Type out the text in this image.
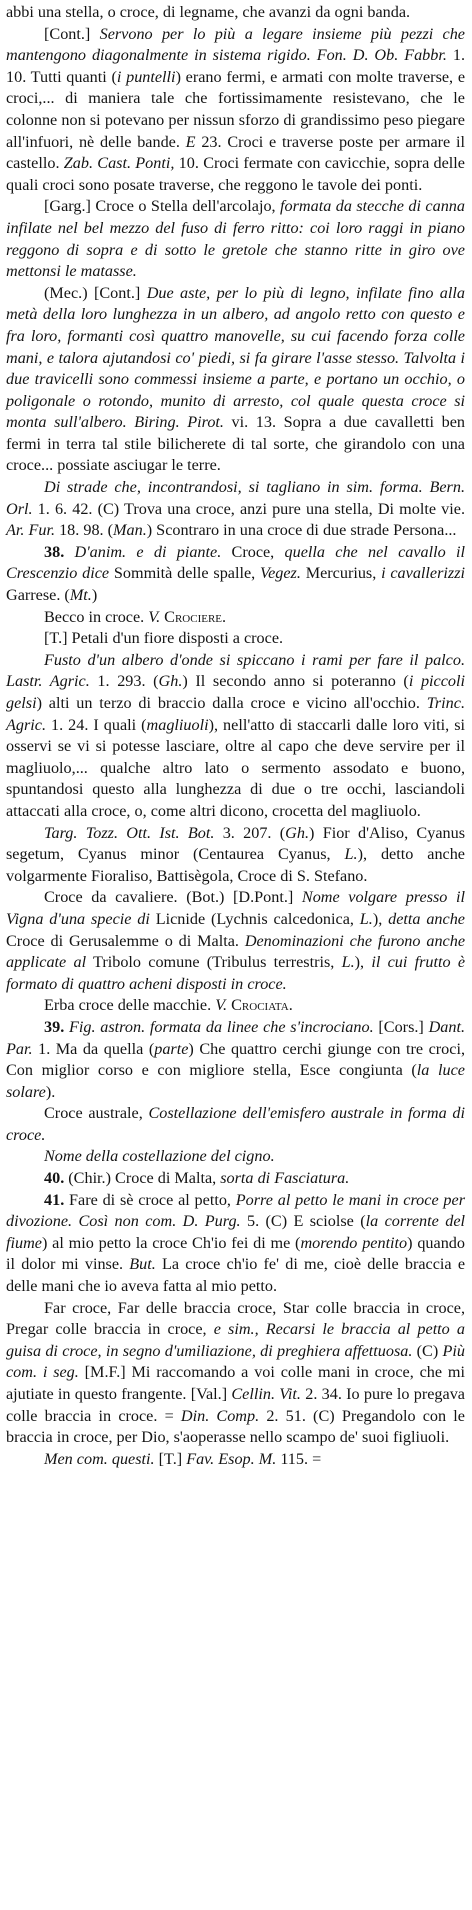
abbi una stella, o croce, di legname, che avanzi da ogni banda.

[Cont.] Servono per lo più a legare insieme più pezzi che mantengono diagonalmente in sistema rigido. Fon. D. Ob. Fabbr. 1. 10. Tutti quanti (i puntelli) erano fermi, e armati con molte traverse, e croci,... di maniera tale che fortissimamente resistevano, che le colonne non si potevano per nissun sforzo di grandissimo peso piegare all'infuori, nè delle bande. E 23. Croci e traverse poste per armare il castello. Zab. Cast. Ponti, 10. Croci fermate con cavicchie, sopra delle quali croci sono posate traverse, che reggono le tavole dei ponti.

[Garg.] Croce o Stella dell'arcolajo, formata da stecche di canna infilate nel bel mezzo del fuso di ferro ritto: coi loro raggi in piano reggono di sopra e di sotto le gretole che stanno ritte in giro ove mettonsi le matasse.

(Mec.) [Cont.] Due aste, per lo più di legno, infilate fino alla metà della loro lunghezza in un albero, ad angolo retto con questo e fra loro, formanti così quattro manovelle, su cui facendo forza colle mani, e talora ajutandosi co' piedi, si fa girare l'asse stesso. Talvolta i due travicelli sono commessi insieme a parte, e portano un occhio, o poligonale o rotondo, munito di arresto, col quale questa croce si monta sull'albero. Biring. Pirot. vi. 13. Sopra a due cavalletti ben fermi in terra tal stile bilicherete di tal sorte, che girandolo con una croce... possiate asciugar le terre.

Di strade che, incontrandosi, si tagliano in sim. forma. Bern. Orl. 1. 6. 42. (C) Trova una croce, anzi pure una stella, Di molte vie. Ar. Fur. 18. 98. (Man.) Scontraro in una croce di due strade Persona...

38. D'anim. e di piante. Croce, quella che nel cavallo il Crescenzio dice Sommità delle spalle, Vegez. Mercurius, i cavallerizzi Garrese. (Mt.)

Becco in croce. V. Crociere.

[T.] Petali d'un fiore disposti a croce.

Fusto d'un albero d'onde si spiccano i rami per fare il palco. Lastr. Agric. 1. 293. (Gh.) Il secondo anno si poteranno (i piccoli gelsi) alti un terzo di braccio dalla croce e vicino all'occhio. Trinc. Agric. 1. 24. I quali (magliuoli), nell'atto di staccarli dalle loro viti, si osservi se vi si potesse lasciare, oltre al capo che deve servire per il magliuolo,... qualche altro lato o sermento assodato e buono, spuntandosi questo alla lunghezza di due o tre occhi, lasciandoli attaccati alla croce, o, come altri dicono, crocetta del magliuolo.

Targ. Tozz. Ott. Ist. Bot. 3. 207. (Gh.) Fior d'Aliso, Cyanus segetum, Cyanus minor (Centaurea Cyanus, L.), detto anche volgarmente Fioraliso, Battisègola, Croce di S. Stefano.

Croce da cavaliere. (Bot.) [D.Pont.] Nome volgare presso il Vigna d'una specie di Licnide (Lychnis calcedonica, L.), detta anche Croce di Gerusalemme o di Malta. Denominazioni che furono anche applicate al Tribolo comune (Tribulus terrestris, L.), il cui frutto è formato di quattro acheni disposti in croce.

Erba croce delle macchie. V. Crociata.

39. Fig. astron. formata da linee che s'incrociano. [Cors.] Dant. Par. 1. Ma da quella (parte) Che quattro cerchi giunge con tre croci, Con miglior corso e con migliore stella, Esce congiunta (la luce solare).

Croce australe, Costellazione dell'emisfero australe in forma di croce.

Nome della costellazione del cigno.

40. (Chir.) Croce di Malta, sorta di Fasciatura.

41. Fare di sè croce al petto, Porre al petto le mani in croce per divozione. Così non com. D. Purg. 5. (C) E sciolse (la corrente del fiume) al mio petto la croce Ch'io fei di me (morendo pentito) quando il dolor mi vinse. But. La croce ch'io fe' di me, cioè delle braccia e delle mani che io aveva fatta al mio petto.

Far croce, Far delle braccia croce, Star colle braccia in croce, Pregar colle braccia in croce, e sim., Recarsi le braccia al petto a guisa di croce, in segno d'umiliazione, di preghiera affettuosa. (C) Più com. i seg. [M.F.] Mi raccomando a voi colle mani in croce, che mi ajutiate in questo frangente. [Val.] Cellin. Vit. 2. 34. Io pure lo pregava colle braccia in croce. = Din. Comp. 2. 51. (C) Pregandolo con le braccia in croce, per Dio, s'aoperasse nello scampo de' suoi figliuoli.

Men com. questi. [T.] Fav. Esop. M. 115. =
